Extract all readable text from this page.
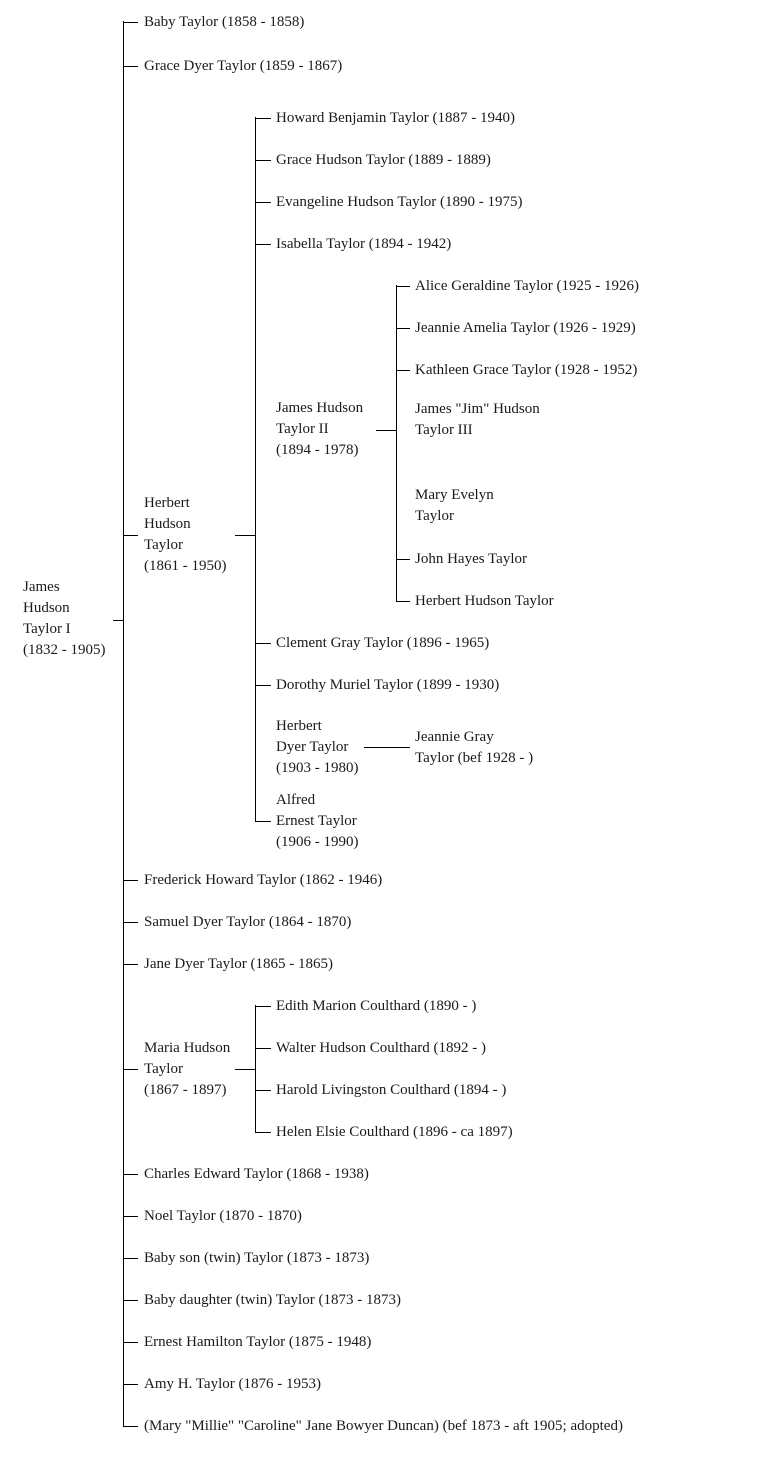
James
Hudson
Taylor I
(1832 - 1905)
Baby Taylor (1858 - 1858)
Grace Dyer Taylor (1859 - 1867)
Herbert
Hudson
Taylor
(1861 - 1950)
Frederick Howard Taylor (1862 - 1946)
Samuel Dyer Taylor (1864 - 1870)
Jane Dyer Taylor (1865 - 1865)
Maria Hudson
Taylor
(1867 - 1897)
Charles Edward Taylor (1868 - 1938)
Noel Taylor (1870 - 1870)
Baby son (twin) Taylor (1873 - 1873)
Baby daughter (twin) Taylor (1873 - 1873)
Ernest Hamilton Taylor (1875 - 1948)
Amy H. Taylor (1876 - 1953)
(Mary "Millie" "Caroline" Jane Bowyer Duncan) (bef 1873 - aft 1905; adopted)
Howard Benjamin Taylor (1887 - 1940)
Grace Hudson Taylor (1889 - 1889)
Evangeline Hudson Taylor (1890 - 1975)
Isabella Taylor (1894 - 1942)
James Hudson
Taylor II
(1894 - 1978)
Clement Gray Taylor (1896 - 1965)
Dorothy Muriel Taylor (1899 - 1930)
Herbert
Dyer Taylor
(1903 - 1980)
Alfred
Ernest Taylor
(1906 - 1990)
Alice Geraldine Taylor (1925 - 1926)
Jeannie Amelia Taylor (1926 - 1929)
Kathleen Grace Taylor (1928 - 1952)
James "Jim" Hudson
Taylor III
Mary Evelyn
Taylor
John Hayes Taylor
Herbert Hudson Taylor
Jeannie Gray
Taylor (bef 1928 - )
Edith Marion Coulthard (1890 - )
Walter Hudson Coulthard (1892 - )
Harold Livingston Coulthard (1894 - )
Helen Elsie Coulthard (1896 - ca 1897)
